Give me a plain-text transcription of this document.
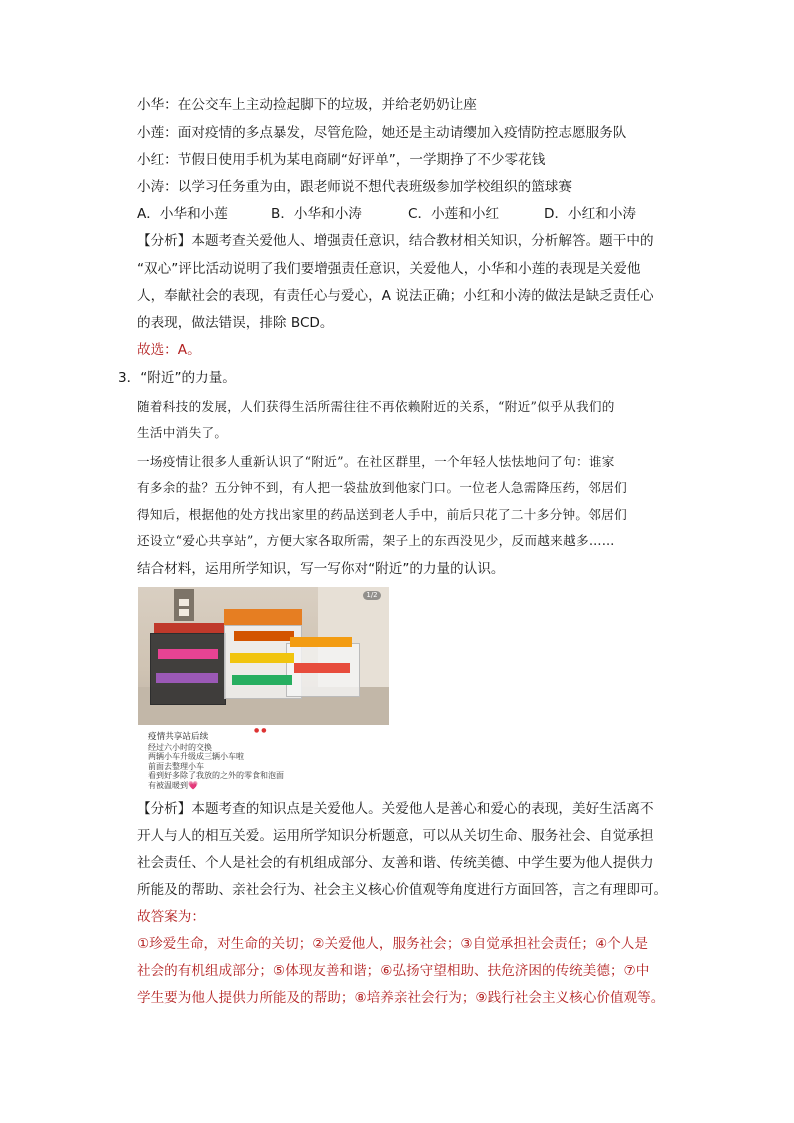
小华：在公交车上主动捡起脚下的垃圾，并给老奶奶让座
小莲：面对疫情的多点暴发，尽管危险，她还是主动请缨加入疫情防控志愿服务队
小红：节假日使用手机为某电商刷“好评单”，一学期挣了不少零花钱
小涛：以学习任务重为由，跟老师说不想代表班级参加学校组织的篮球赛
A．小华和小莲	B．小华和小涛	C．小莲和小红	D．小红和小涛
【分析】本题考查关爱他人、增强责任意识，结合教材相关知识，分析解答。题干中的
“双心”评比活动说明了我们要增强责任意识，关爱他人，小华和小莲的表现是关爱他
人，奉献社会的表现，有责任心与爱心，A 说法正确；小红和小涛的做法是缺乏责任心
的表现，做法错误，排除 BCD。
故选：A。
3．“附近”的力量。
随着科技的发展，人们获得生活所需往往不再依赖附近的关系，“附近”似乎从我们的
生活中消失了。
一场疫情让很多人重新认识了“附近”。在社区群里，一个年轻人怯怯地问了句：谁家
有多余的盐？五分钟不到，有人把一袋盐放到他家门口。一位老人急需降压药，邻居们
得知后，根据他的处方找出家里的药品送到老人手中，前后只花了二十多分钟。邻居们
还设立“爱心共享站”，方便大家各取所需，架子上的东西没见少，反而越来越多……
结合材料，运用所学知识，写一写你对“附近”的力量的认识。
1/2
●●
疫情共享站后续
经过六小时的交换
两辆小车升级成三辆小车啦
前面去整理小车
看到好多除了我放的之外的零食和泡面
有被温暖到💗
【分析】本题考查的知识点是关爱他人。关爱他人是善心和爱心的表现，美好生活离不
开人与人的相互关爱。运用所学知识分析题意，可以从关切生命、服务社会、自觉承担
社会责任、个人是社会的有机组成部分、友善和谐、传统美德、中学生要为他人提供力
所能及的帮助、亲社会行为、社会主义核心价值观等角度进行方面回答，言之有理即可。
故答案为：
①珍爱生命，对生命的关切；②关爱他人，服务社会；③自觉承担社会责任；④个人是
社会的有机组成部分；⑤体现友善和谐；⑥弘扬守望相助、扶危济困的传统美德；⑦中
学生要为他人提供力所能及的帮助；⑧培养亲社会行为；⑨践行社会主义核心价值观等。
